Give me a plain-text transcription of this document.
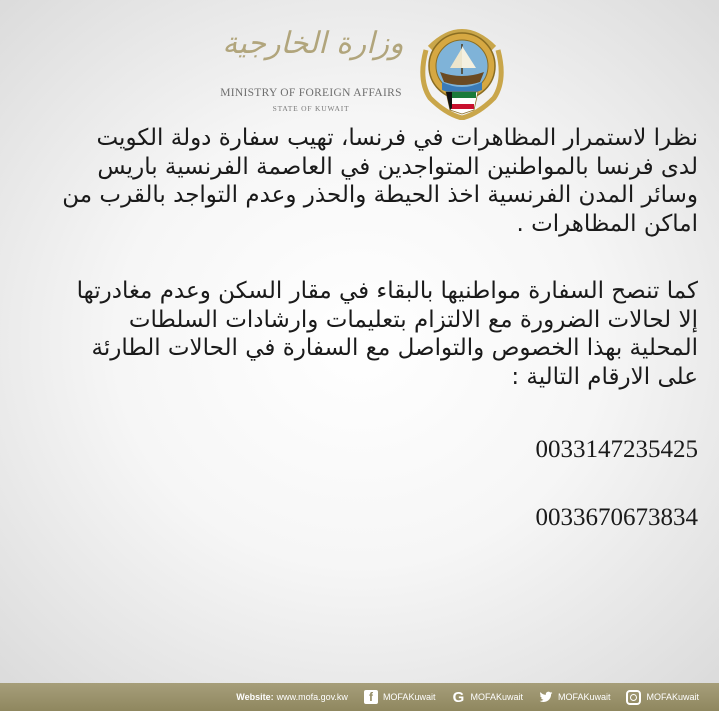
وزارة الخارجية
MINISTRY OF FOREIGN AFFAIRS
STATE OF KUWAIT

نظرا لاستمرار المظاهرات في فرنسا، تهيب سفارة دولة الكويت
لدى فرنسا بالمواطنين المتواجدين في العاصمة الفرنسية باريس
وسائر المدن الفرنسية اخذ الحيطة والحذر وعدم التواجد بالقرب من
اماكن المظاهرات .

كما تنصح السفارة مواطنيها بالبقاء في مقار السكن وعدم مغادرتها
إلا لحالات الضرورة مع الالتزام بتعليمات وارشادات السلطات
المحلية بهذا الخصوص والتواصل مع السفارة في الحالات الطارئة
على الارقام التالية :

0033147235425
0033670673834
Website: www.mofa.gov.kw	f	MOFAKuwait G MOFAKuwait	MOFAKuwait	MOFAKuwait
